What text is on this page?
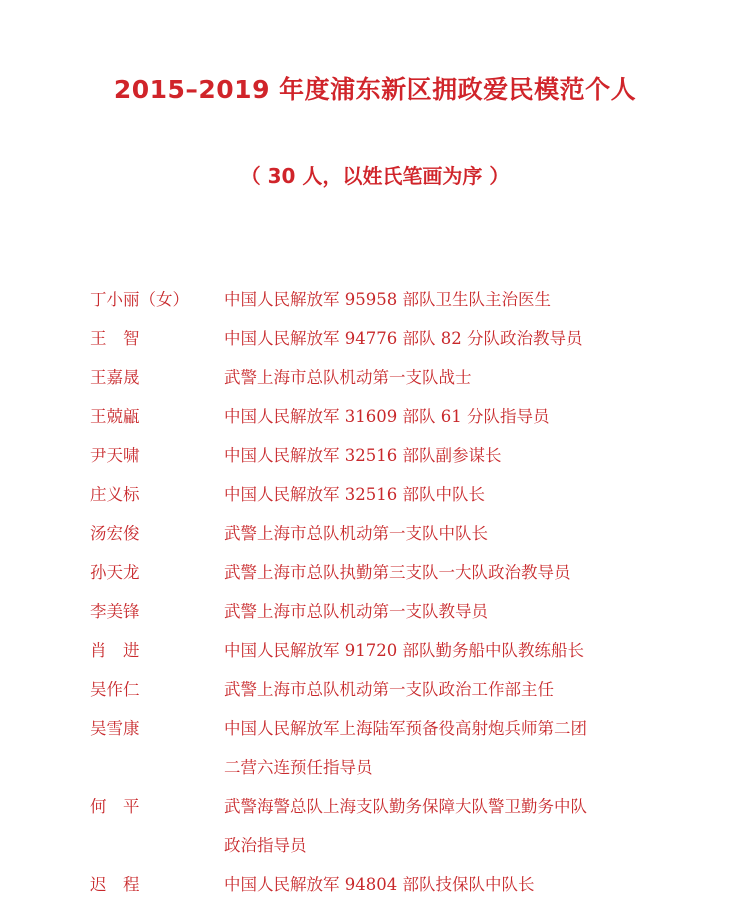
2015–2019 年度浦东新区拥政爱民模范个人
（ 30 人，以姓氏笔画为序 ）
丁小丽（女）	中国人民解放军 95958 部队卫生队主治医生
王　智	中国人民解放军 94776 部队 82 分队政治教导员
王嘉晟	武警上海市总队机动第一支队战士
王兢甂	中国人民解放军 31609 部队 61 分队指导员
尹天啸	中国人民解放军 32516 部队副参谋长
庄义标	中国人民解放军 32516 部队中队长
汤宏俊	武警上海市总队机动第一支队中队长
孙天龙	武警上海市总队执勤第三支队一大队政治教导员
李美锋	武警上海市总队机动第一支队教导员
肖　进	中国人民解放军 91720 部队勤务船中队教练船长
吴作仁	武警上海市总队机动第一支队政治工作部主任
吴雪康	中国人民解放军上海陆军预备役高射炮兵师第二团
二营六连预任指导员
何　平	武警海警总队上海支队勤务保障大队警卫勤务中队
政治指导员
迟　程	中国人民解放军 94804 部队技保队中队长
